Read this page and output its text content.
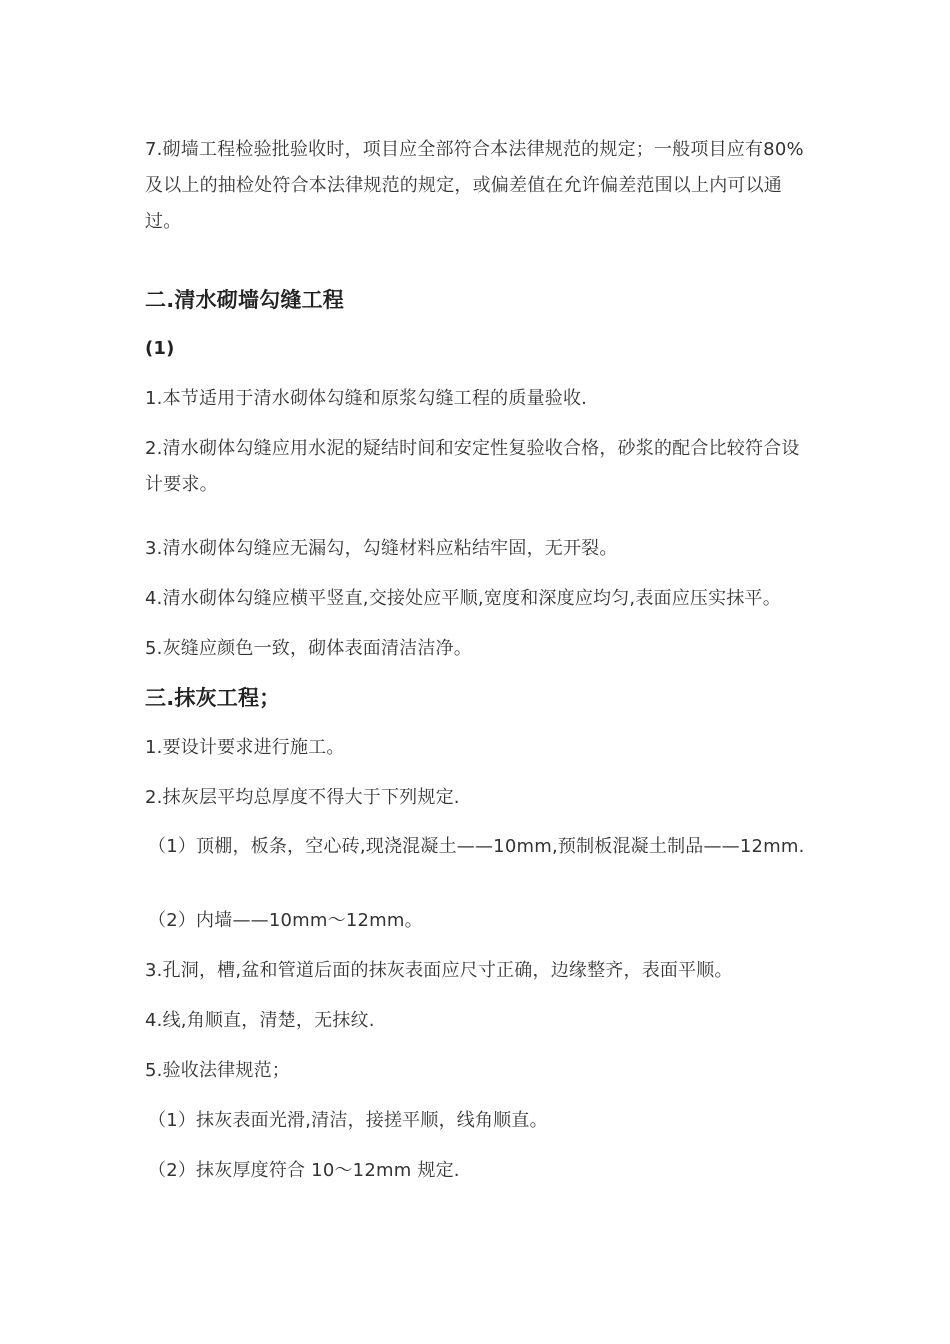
7.砌墙工程检验批验收时，项目应全部符合本法律规范的规定；一般项目应有80%及以上的抽检处符合本法律规范的规定，或偏差值在允许偏差范围以上内可以通过。
二.清水砌墙勾缝工程
(1)
1.本节适用于清水砌体勾缝和原浆勾缝工程的质量验收.
2.清水砌体勾缝应用水泥的疑结时间和安定性复验收合格，砂浆的配合比较符合设计要求。
3.清水砌体勾缝应无漏勾，勾缝材料应粘结牢固，无开裂。
4.清水砌体勾缝应横平竖直,交接处应平顺,宽度和深度应均匀,表面应压实抹平。
5.灰缝应颜色一致，砌体表面清洁洁净。
三.抹灰工程；
1.要设计要求进行施工。
2.抹灰层平均总厚度不得大于下列规定.
（1）顶棚，板条，空心砖,现浇混凝土——10mm,预制板混凝土制品——12mm.
（2）内墙——10mm～12mm。
3.孔洞，槽,盆和管道后面的抹灰表面应尺寸正确，边缘整齐，表面平顺。
4.线,角顺直，清楚，无抹纹.
5.验收法律规范；
（1）抹灰表面光滑,清洁，接搓平顺，线角顺直。
（2）抹灰厚度符合 10～12mm 规定.
